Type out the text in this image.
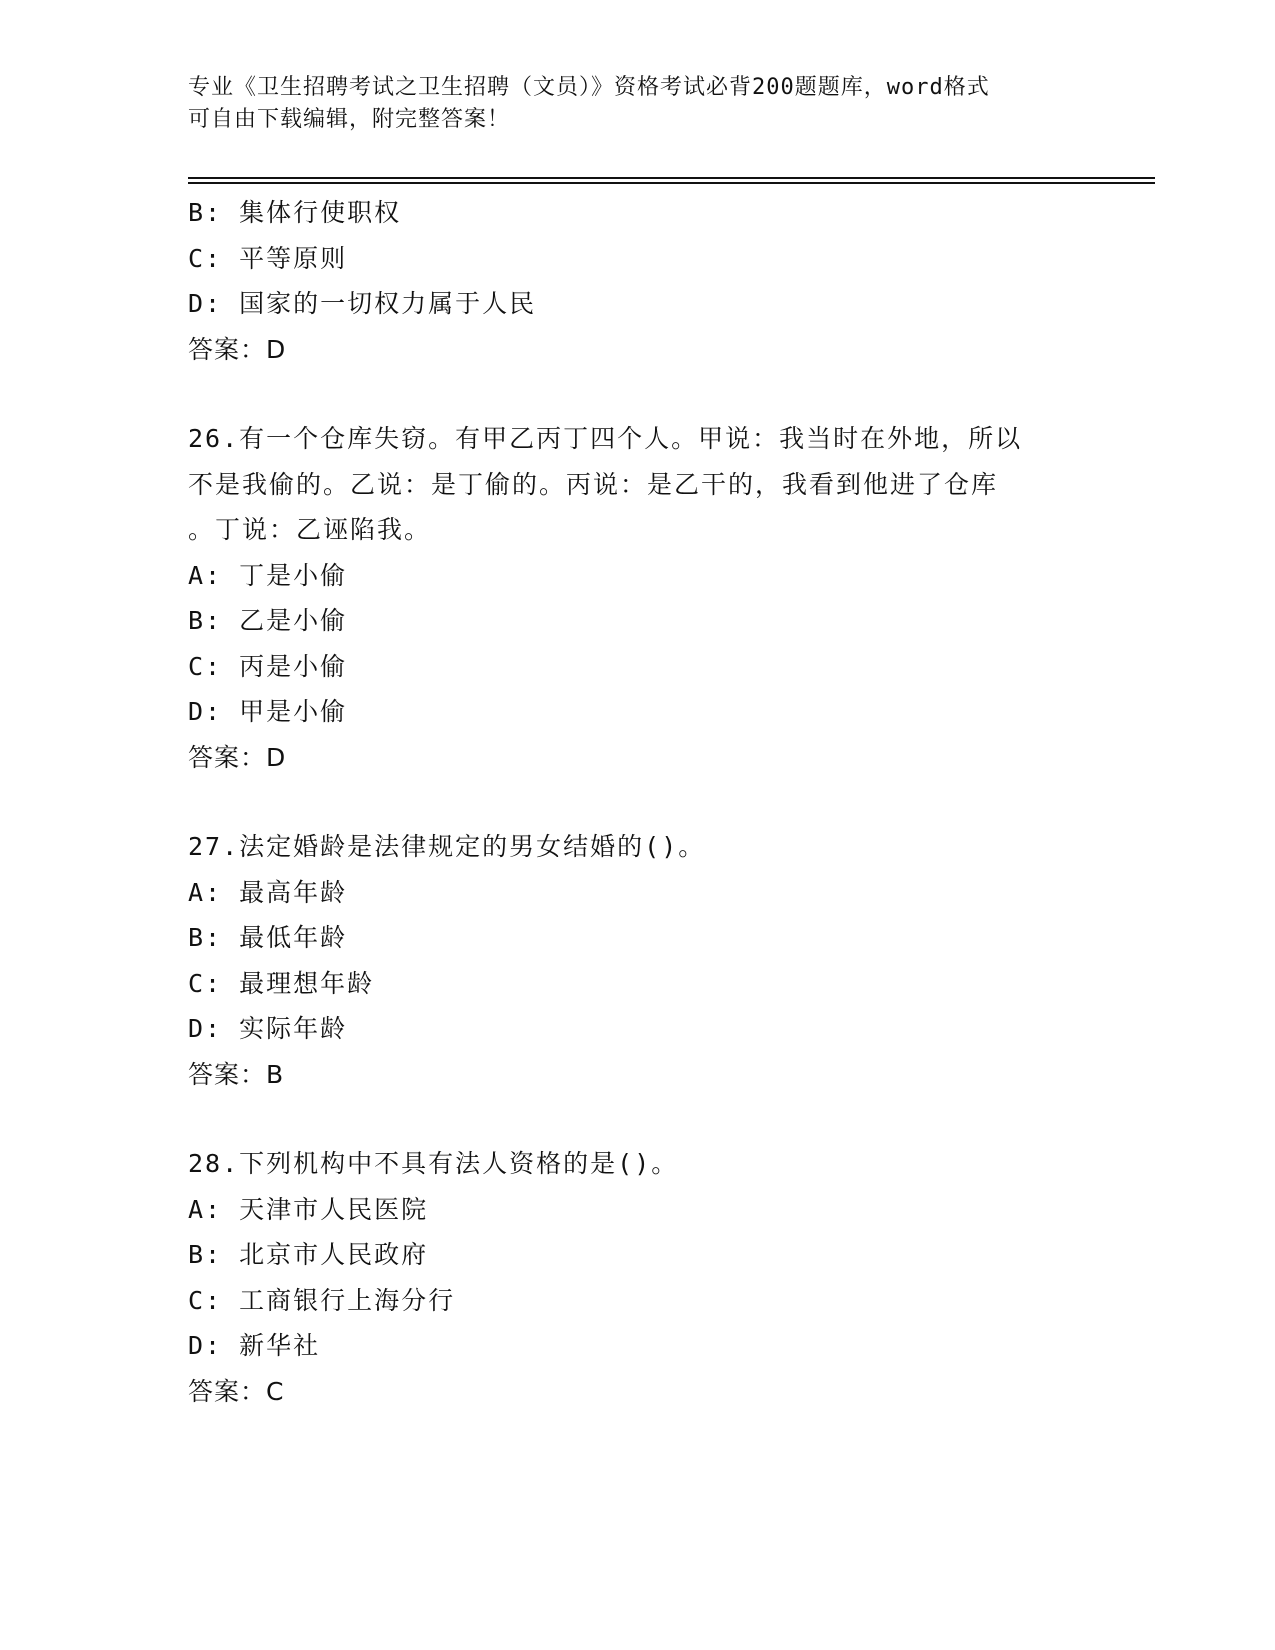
专业《卫生招聘考试之卫生招聘（文员）》资格考试必背200题题库，word格式
可自由下载编辑，附完整答案！
B: 集体行使职权
C: 平等原则
D: 国家的一切权力属于人民
答案：D
26.有一个仓库失窃。有甲乙丙丁四个人。甲说：我当时在外地，所以
不是我偷的。乙说：是丁偷的。丙说：是乙干的，我看到他进了仓库
。丁说：乙诬陷我。
A: 丁是小偷
B: 乙是小偷
C: 丙是小偷
D: 甲是小偷
答案：D
27.法定婚龄是法律规定的男女结婚的()。
A: 最高年龄
B: 最低年龄
C: 最理想年龄
D: 实际年龄
答案：B
28.下列机构中不具有法人资格的是()。
A: 天津市人民医院
B: 北京市人民政府
C: 工商银行上海分行
D: 新华社
答案：C
